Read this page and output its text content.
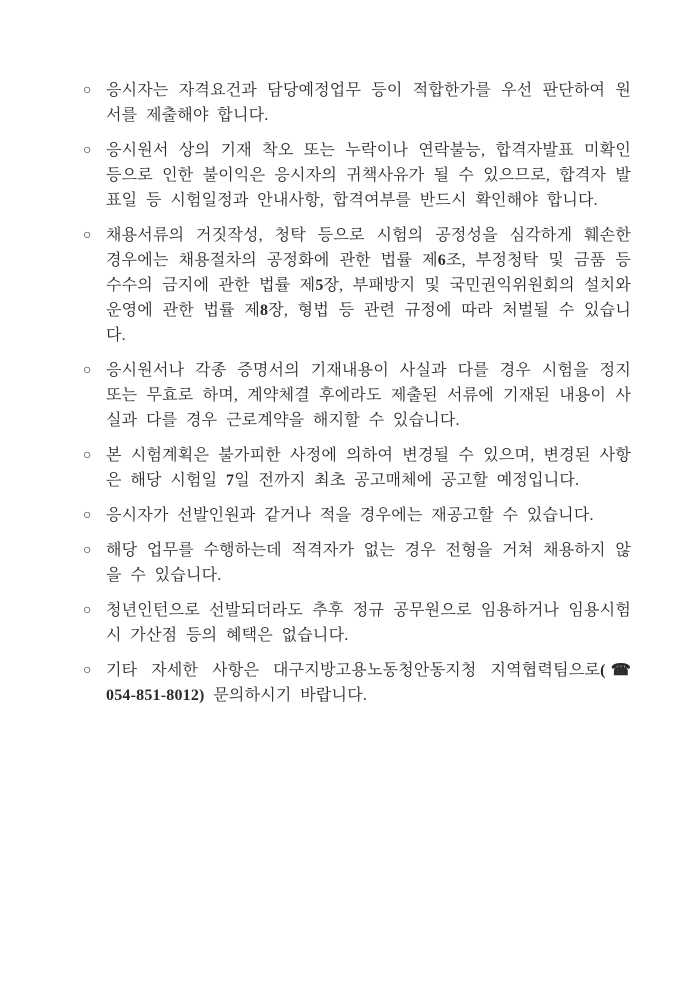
○ 응시자는 자격요건과 담당예정업무 등이 적합한가를 우선 판단하여 원서를 제출해야 합니다.
○ 응시원서 상의 기재 착오 또는 누락이나 연락불능, 합격자발표 미확인 등으로 인한 불이익은 응시자의 귀책사유가 될 수 있으므로, 합격자 발표일 등 시험일정과 안내사항, 합격여부를 반드시 확인해야 합니다.
○ 채용서류의 거짓작성, 청탁 등으로 시험의 공정성을 심각하게 훼손한 경우에는 채용절차의 공정화에 관한 법률 제6조, 부정청탁 및 금품 등 수수의 금지에 관한 법률 제5장, 부패방지 및 국민권익위원회의 설치와 운영에 관한 법률 제8장, 형법 등 관련 규정에 따라 처벌될 수 있습니다.
○ 응시원서나 각종 증명서의 기재내용이 사실과 다를 경우 시험을 정지 또는 무효로 하며, 계약체결 후에라도 제출된 서류에 기재된 내용이 사실과 다를 경우 근로계약을 해지할 수 있습니다.
○ 본 시험계획은 불가피한 사정에 의하여 변경될 수 있으며, 변경된 사항은 해당 시험일 7일 전까지 최초 공고매체에 공고할 예정입니다.
○ 응시자가 선발인원과 같거나 적을 경우에는 재공고할 수 있습니다.
○ 해당 업무를 수행하는데 적격자가 없는 경우 전형을 거쳐 채용하지 않을 수 있습니다.
○ 청년인턴으로 선발되더라도 추후 정규 공무원으로 임용하거나 임용시험 시 가산점 등의 혜택은 없습니다.
○ 기타 자세한 사항은 대구지방고용노동청안동지청 지역협력팀으로(☎ 054-851-8012) 문의하시기 바랍니다.
